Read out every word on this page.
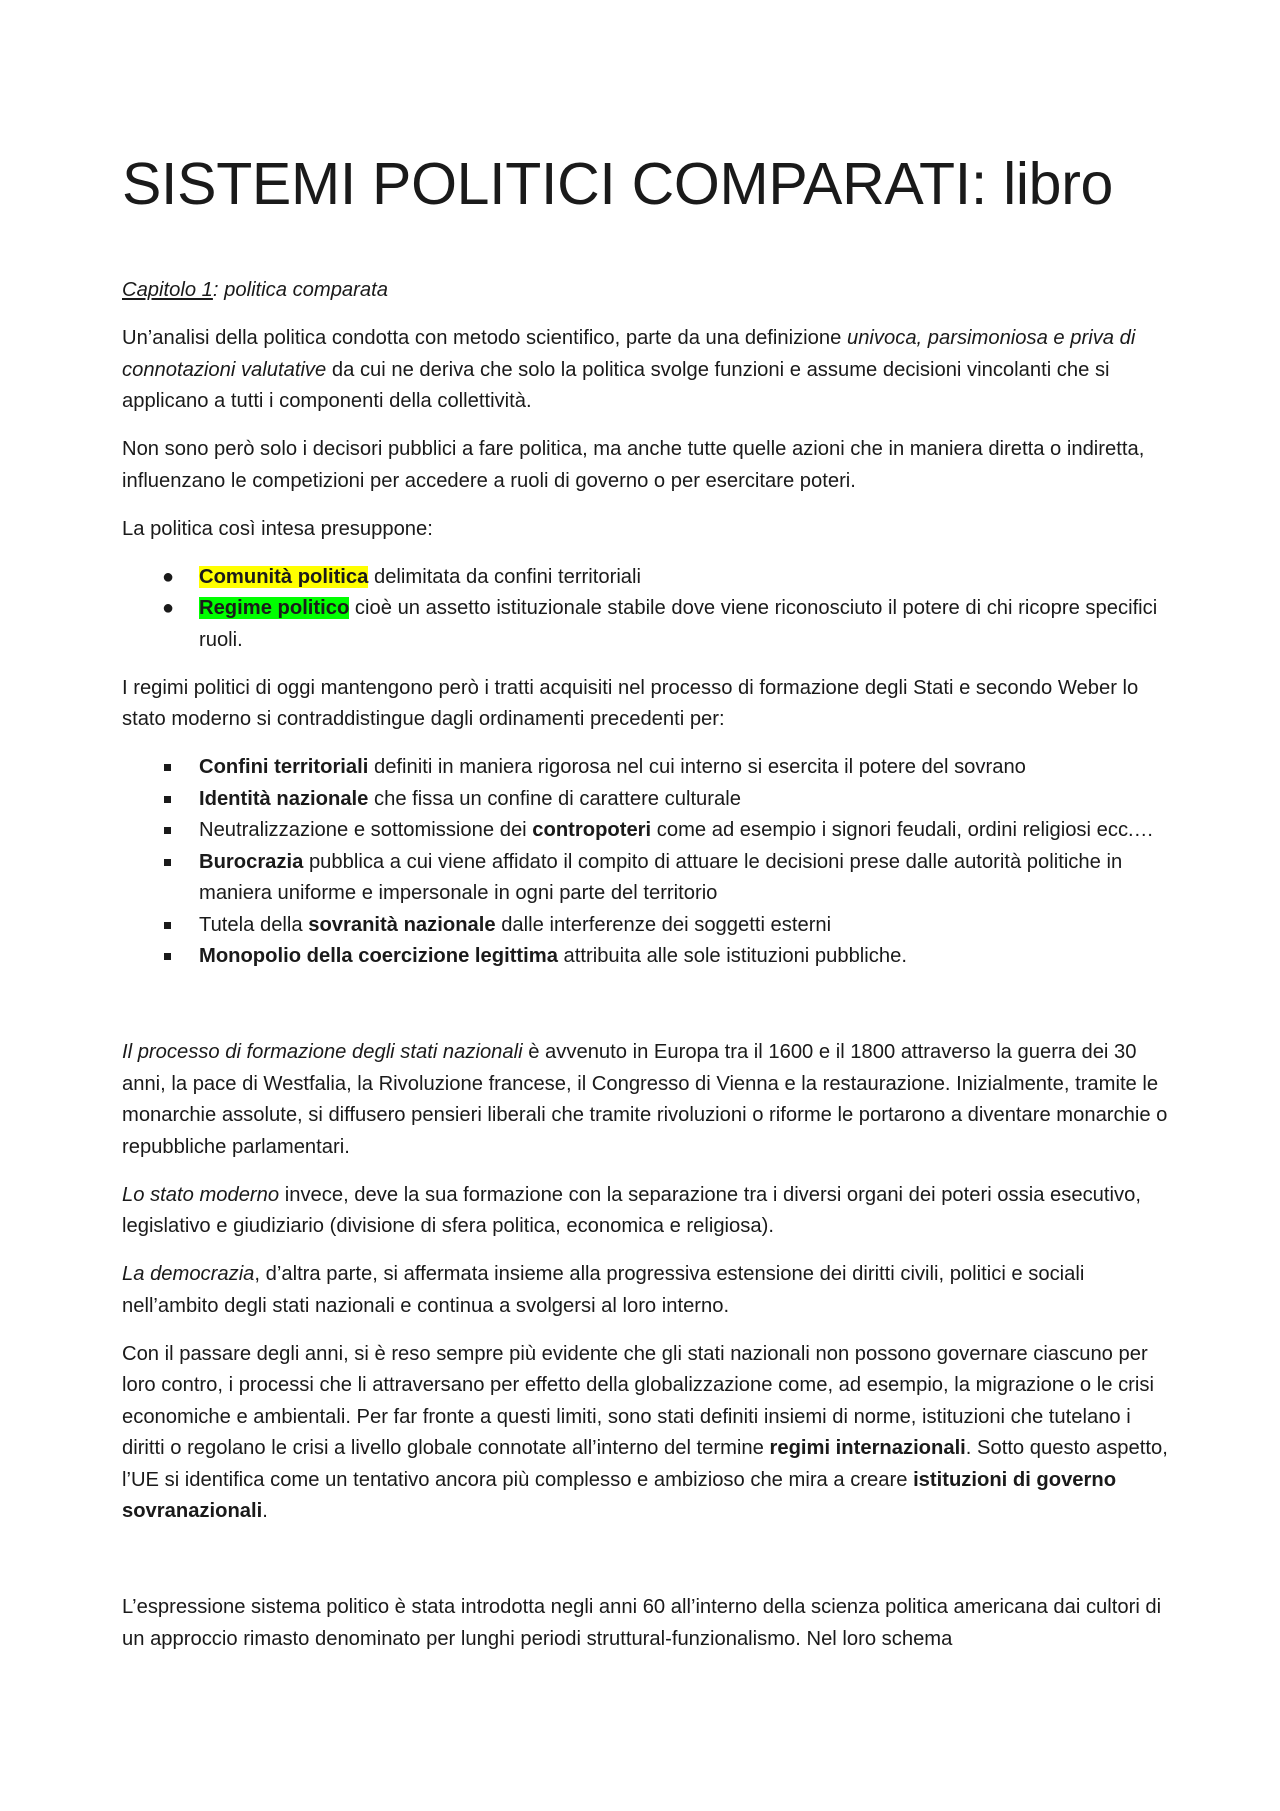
SISTEMI POLITICI COMPARATI: libro

Capitolo 1: politica comparata

Un’analisi della politica condotta con metodo scientifico, parte da una definizione univoca, parsimoniosa e priva di connotazioni valutative da cui ne deriva che solo la politica svolge funzioni e assume decisioni vincolanti che si applicano a tutti i componenti della collettività.

Non sono però solo i decisori pubblici a fare politica, ma anche tutte quelle azioni che in maniera diretta o indiretta, influenzano le competizioni per accedere a ruoli di governo o per esercitare poteri.

La politica così intesa presuppone:

● Comunità politica delimitata da confini territoriali
● Regime politico cioè un assetto istituzionale stabile dove viene riconosciuto il potere di chi ricopre specifici ruoli.

I regimi politici di oggi mantengono però i tratti acquisiti nel processo di formazione degli Stati e secondo Weber lo stato moderno si contraddistingue dagli ordinamenti precedenti per:

Confini territoriali definiti in maniera rigorosa nel cui interno si esercita il potere del sovrano
Identità nazionale che fissa un confine di carattere culturale
Neutralizzazione e sottomissione dei contropoteri come ad esempio i signori feudali, ordini religiosi ecc.…
Burocrazia pubblica a cui viene affidato il compito di attuare le decisioni prese dalle autorità politiche in maniera uniforme e impersonale in ogni parte del territorio
Tutela della sovranità nazionale dalle interferenze dei soggetti esterni
Monopolio della coercizione legittima attribuita alle sole istituzioni pubbliche.

Il processo di formazione degli stati nazionali è avvenuto in Europa tra il 1600 e il 1800 attraverso la guerra dei 30 anni, la pace di Westfalia, la Rivoluzione francese, il Congresso di Vienna e la restaurazione. Inizialmente, tramite le monarchie assolute, si diffusero pensieri liberali che tramite rivoluzioni o riforme le portarono a diventare monarchie o repubbliche parlamentari.

Lo stato moderno invece, deve la sua formazione con la separazione tra i diversi organi dei poteri ossia esecutivo, legislativo e giudiziario (divisione di sfera politica, economica e religiosa).

La democrazia, d’altra parte, si affermata insieme alla progressiva estensione dei diritti civili, politici e sociali nell’ambito degli stati nazionali e continua a svolgersi al loro interno.

Con il passare degli anni, si è reso sempre più evidente che gli stati nazionali non possono governare ciascuno per loro contro, i processi che li attraversano per effetto della globalizzazione come, ad esempio, la migrazione o le crisi economiche e ambientali. Per far fronte a questi limiti, sono stati definiti insiemi di norme, istituzioni che tutelano i diritti o regolano le crisi a livello globale connotate all’interno del termine regimi internazionali. Sotto questo aspetto, l’UE si identifica come un tentativo ancora più complesso e ambizioso che mira a creare istituzioni di governo sovranazionali.

L’espressione sistema politico è stata introdotta negli anni 60 all’interno della scienza politica americana dai cultori di un approccio rimasto denominato per lunghi periodi struttural-funzionalismo. Nel loro schema
